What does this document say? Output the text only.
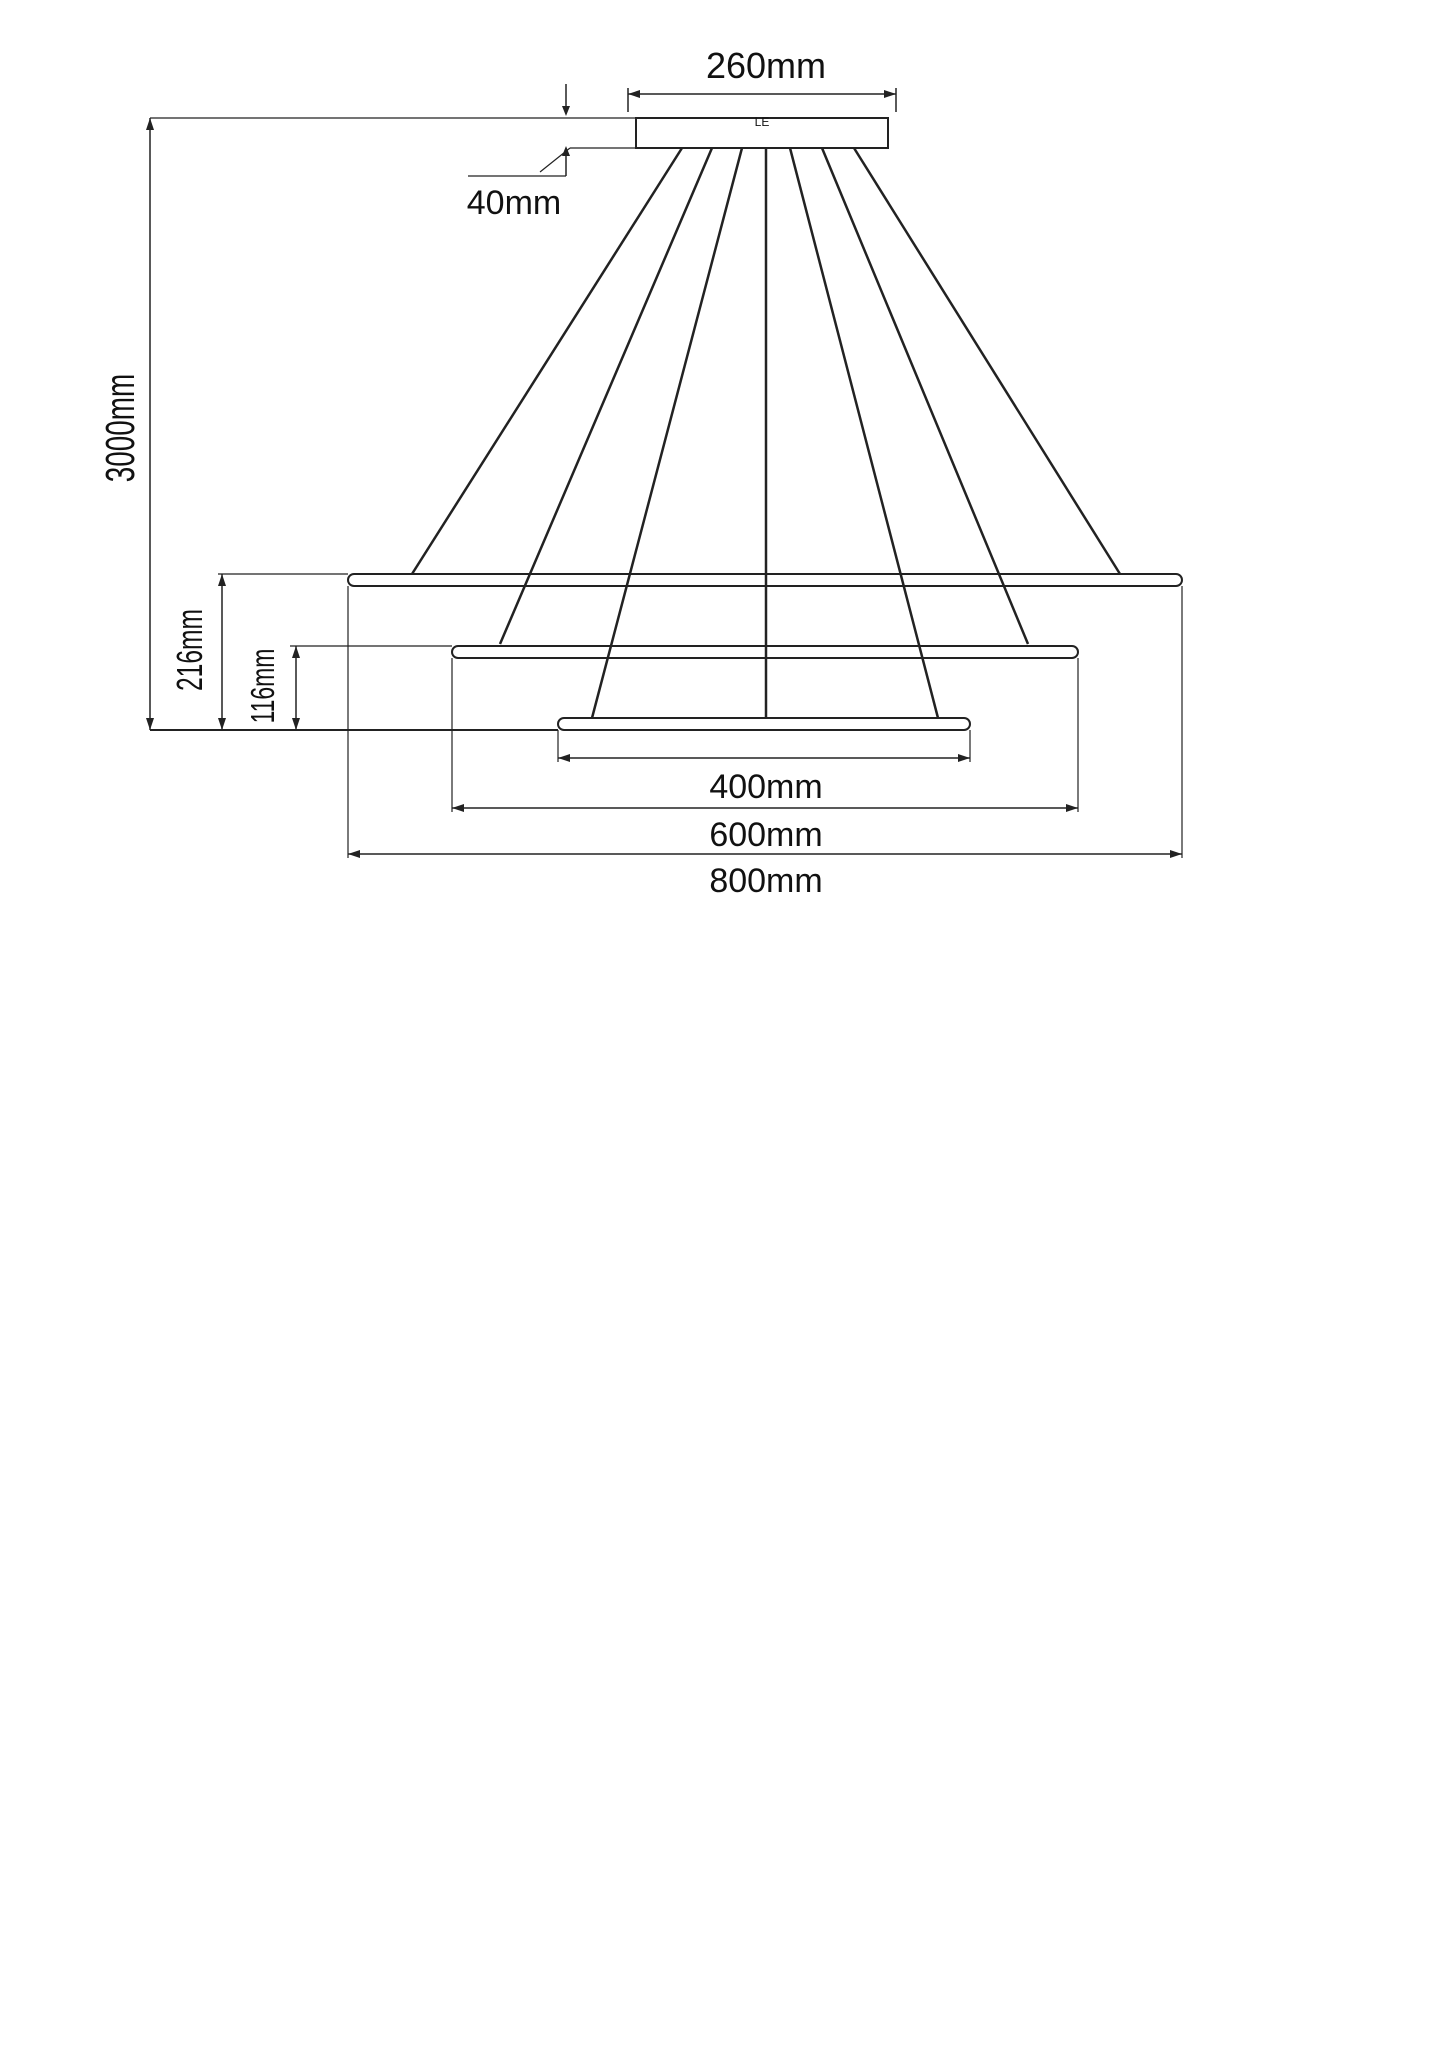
LE
260mm
40mm
3000mm
216mm 116mm
400mm
600mm
800mm
